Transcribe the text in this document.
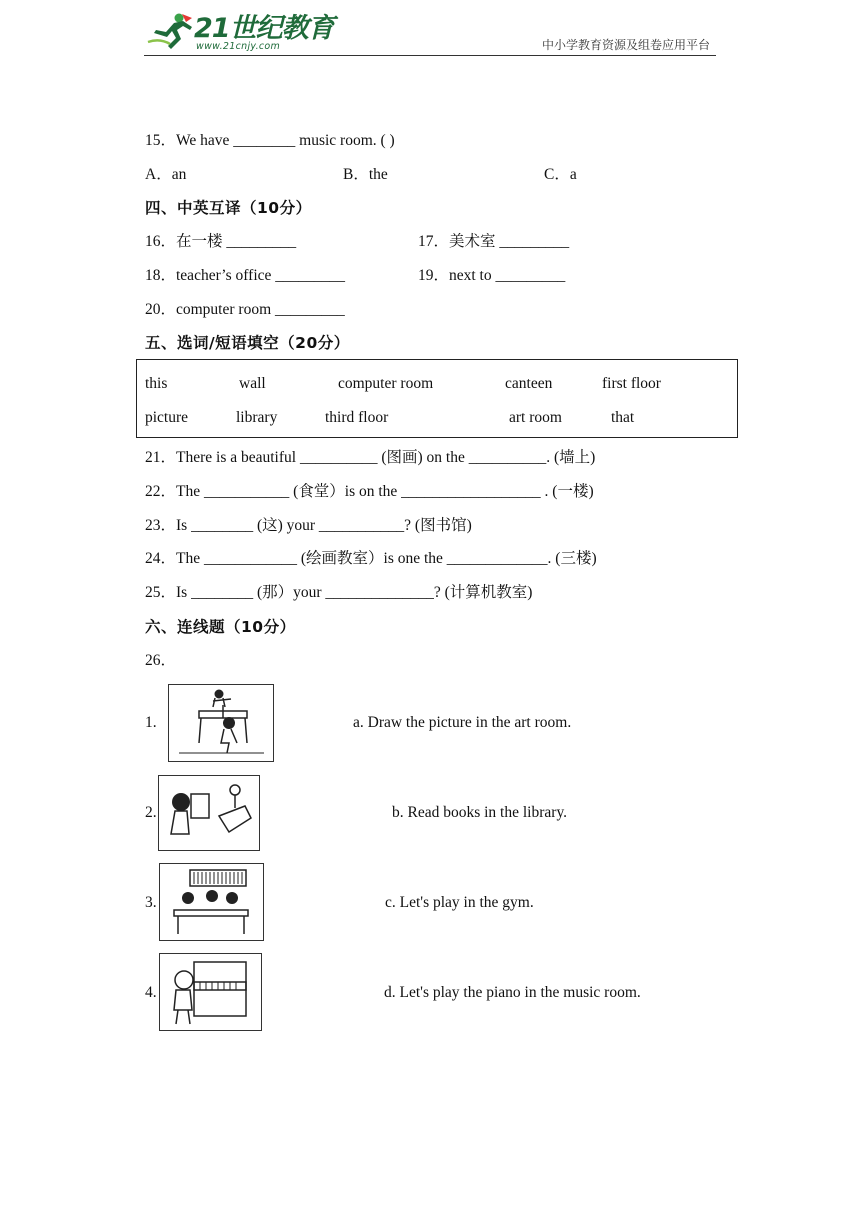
21世纪教育
www.21cnjy.com	中小学教育资源及组卷应用平台
15．We have ________ music room. ( )
A．an	B．the	C．a
四、中英互译（10分）
16．在一楼 _________	17．美术室 _________
18．teacher’s office _________	19．next to _________
20．computer room _________
五、选词/短语填空（20分）
this	wall	computer room	canteen	first floor
picture	library	third floor	art room	that
21．There is a beautiful __________ (图画) on the __________. (墙上)
22．The ___________ (食堂）is on the __________________ . (一楼)
23．Is ________ (这) your ___________? (图书馆)
24．The ____________ (绘画教室）is one the _____________. (三楼)
25．Is ________ (那）your ______________? (计算机教室)
六、连线题（10分）
26．
1.	a. Draw the picture in the art room.
2.	b. Read books in the library.
3.	c. Let's play in the gym.
4.	d. Let's play the piano in the music room.
